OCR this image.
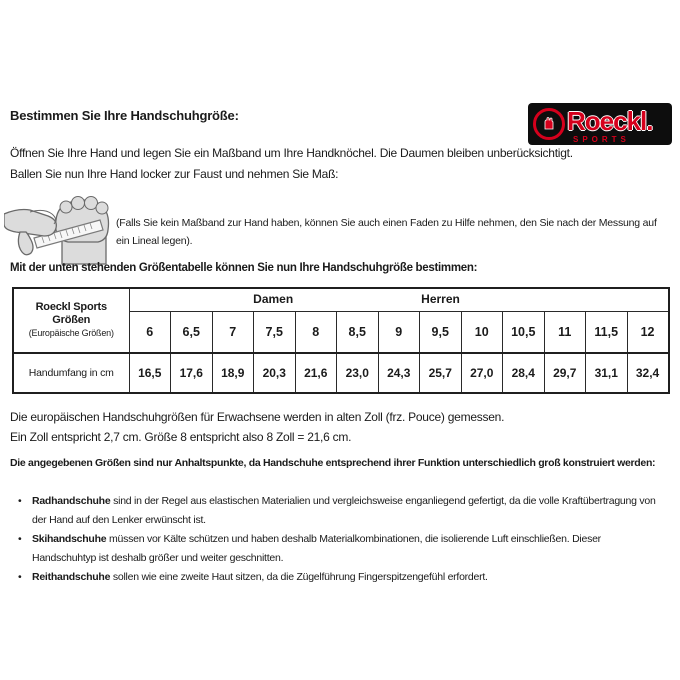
Bestimmen Sie Ihre Handschuhgröße:	Roeckl.
SPORTS
Öffnen Sie Ihre Hand und legen Sie ein Maßband um Ihre Handknöchel. Die Daumen bleiben unberücksichtigt.
Ballen Sie nun Ihre Hand locker zur Faust und nehmen Sie Maß:
(Falls Sie kein Maßband zur Hand haben, können Sie auch einen Faden zu Hilfe nehmen, den Sie nach der Messung auf ein Lineal legen).
Mit der unten stehenden Größentabelle können Sie nun Ihre Handschuhgröße bestimmen:
Roeckl Sports
Größen
(Europäische Größen)

Damen	Herren

	6	6,5	7	7,5	8	8,5	9	9,5	10	10,5	11	11,5	12
Handumfang in cm	16,5	17,6	18,9	20,3	21,6	23,0	24,3	25,7	27,0	28,4	29,7	31,1	32,4
Die europäischen Handschuhgrößen für Erwachsene werden in alten Zoll (frz. Pouce) gemessen.
Ein Zoll entspricht 2,7 cm. Größe 8 entspricht also 8 Zoll = 21,6 cm.
Die angegebenen Größen sind nur Anhaltspunkte, da Handschuhe entsprechend ihrer Funktion unterschiedlich groß konstruiert werden:
• Radhandschuhe sind in der Regel aus elastischen Materialien und vergleichsweise enganliegend gefertigt, da die volle Kraftübertragung von der Hand auf den Lenker erwünscht ist.
• Skihandschuhe müssen vor Kälte schützen und haben deshalb Materialkombinationen, die isolierende Luft einschließen. Dieser Handschuhtyp ist deshalb größer und weiter geschnitten.
• Reithandschuhe sollen wie eine zweite Haut sitzen, da die Zügelführung Fingerspitzengefühl erfordert.
